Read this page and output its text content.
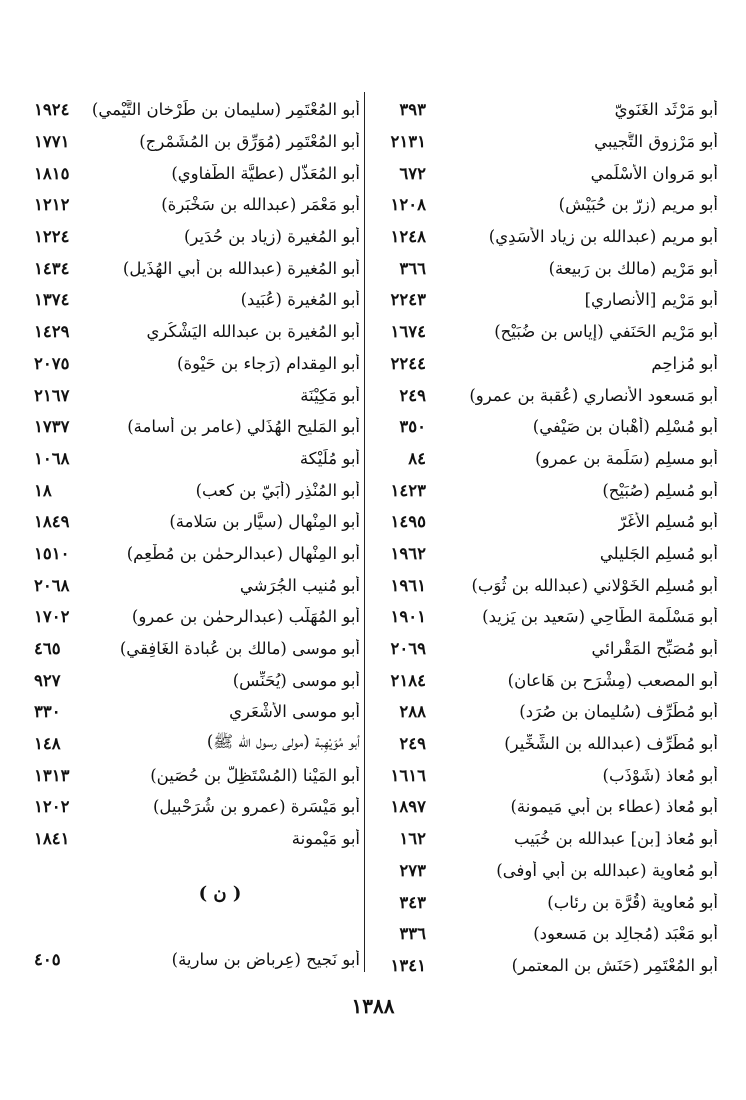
أبو مَرْثَد الغَنَوِيّ
٣٩٣
أبو مَرْزوق التُّجيبي
٢١٣١
أبو مَروان الأسْلَمي
٦٧٢
أبو مريم (زِرّ بن حُبَيْش)
١٢٠٨
أبو مريم (عبدالله بن زياد الأسَدِي)
١٢٤٨
أبو مَرْيم (مالك بن رَبيعة)
٣٦٦
أبو مَرْيم [الأنصاري]
٢٢٤٣
أبو مَرْيم الحَنَفي (إياس بن ضُبَيْح)
١٦٧٤
أبو مُزاحِم
٢٢٤٤
أبو مَسعود الأنصاري (عُقبة بن عمرو)
٢٤٩
أبو مُسْلِم (أُهْبان بن صَيْفي)
٣٥٠
أبو مسلِم (سَلَمة بن عمرو)
٨٤
أبو مُسلِم (صُبَيْح)
١٤٢٣
أبو مُسلِم الأغَرّ
١٤٩٥
أبو مُسلِم الجَليلي
١٩٦٢
أبو مُسلِم الخَوْلاني (عبدالله بن ثُوَب)
١٩٦١
أبو مَسْلَمة الطَّاحِي (سَعيد بن يَزيد)
١٩٠١
أبو مُصَبِّح المَقْرائي
٢٠٦٩
أبو المصعب (مِشْرَح بن هَاعان)
٢١٨٤
أبو مُطَرِّف (سُليمان بن صُرَد)
٢٨٨
أبو مُطَرِّف (عبدالله بن الشِّخِّير)
٢٤٩
أبو مُعاذ (شَوْذَب)
١٦١٦
أبو مُعاذ (عطاء بن أبي مَيمونة)
١٨٩٧
أبو مُعاذ [بن] عبدالله بن خُبَيب
١٦٢
أبو مُعاوية (عبدالله بن أبي أوفى)
٢٧٣
أبو مُعاوية (قُرَّة بن رِئاب)
٣٤٣
أبو مَعْبَد (مُجالِد بن مَسعود)
٣٣٦
أبو المُعْتَمِر (حَنَش بن المعتمر)
١٣٤١
أبو المُعْتَمِر (سليمان بن طَرْخان التَّيْمي)
١٩٢٤
أبو المُعْتَمِر (مُوَرِّق بن المُشَمْرِج)
١٧٧١
أبو المُعَذَّل (عطيَّة الطُّفاوي)
١٨١٥
أبو مَعْمَر (عبدالله بن سَخْبَرة)
١٢١٢
أبو المُغيرة (زياد بن حُدَير)
١٢٢٤
أبو المُغيرة (عبدالله بن أبي الهُذَيل)
١٤٣٤
أبو المُغيرة (عُبَيد)
١٣٧٤
أبو المُغيرة بن عبدالله اليَشْكُري
١٤٢٩
أبو المِقدام (رَجاء بن حَيْوة)
٢٠٧٥
أبو مَكِيْنَة
٢١٦٧
أبو المَليح الهُذَلي (عامر بن أُسامة)
١٧٣٧
أبو مُلَيْكة
١٠٦٨
أبو المُنْذِر (أُبَيّ بن كعب)
١٨
أبو المِنْهال (سيَّار بن سَلامة)
١٨٤٩
أبو المِنْهال (عبدالرحمٰن بن مُطْعِم)
١٥١٠
أبو مُنيب الجُرَشي
٢٠٦٨
أبو المُهَلَّب (عبدالرحمٰن بن عمرو)
١٧٠٢
أبو موسى (مالك بن عُبادة الغَافِقي)
٤٦٥
أبو موسى (يُحَنِّس)
٩٢٧
أبو موسى الأشْعَري
٣٣٠
أبو مُوَيْهِبة (مولى رسول الله ﷺ)
١٤٨
أبو المَيْنا (المُسْتَظِلّ بن حُصَين)
١٣١٣
أبو مَيْسَرة (عمرو بن شُرَحْبيل)
١٢٠٢
أبو مَيْمونة
١٨٤١
( ن )
أبو نَجيح (عِرباض بن سارية)
٤٠٥
١٣٨٨
